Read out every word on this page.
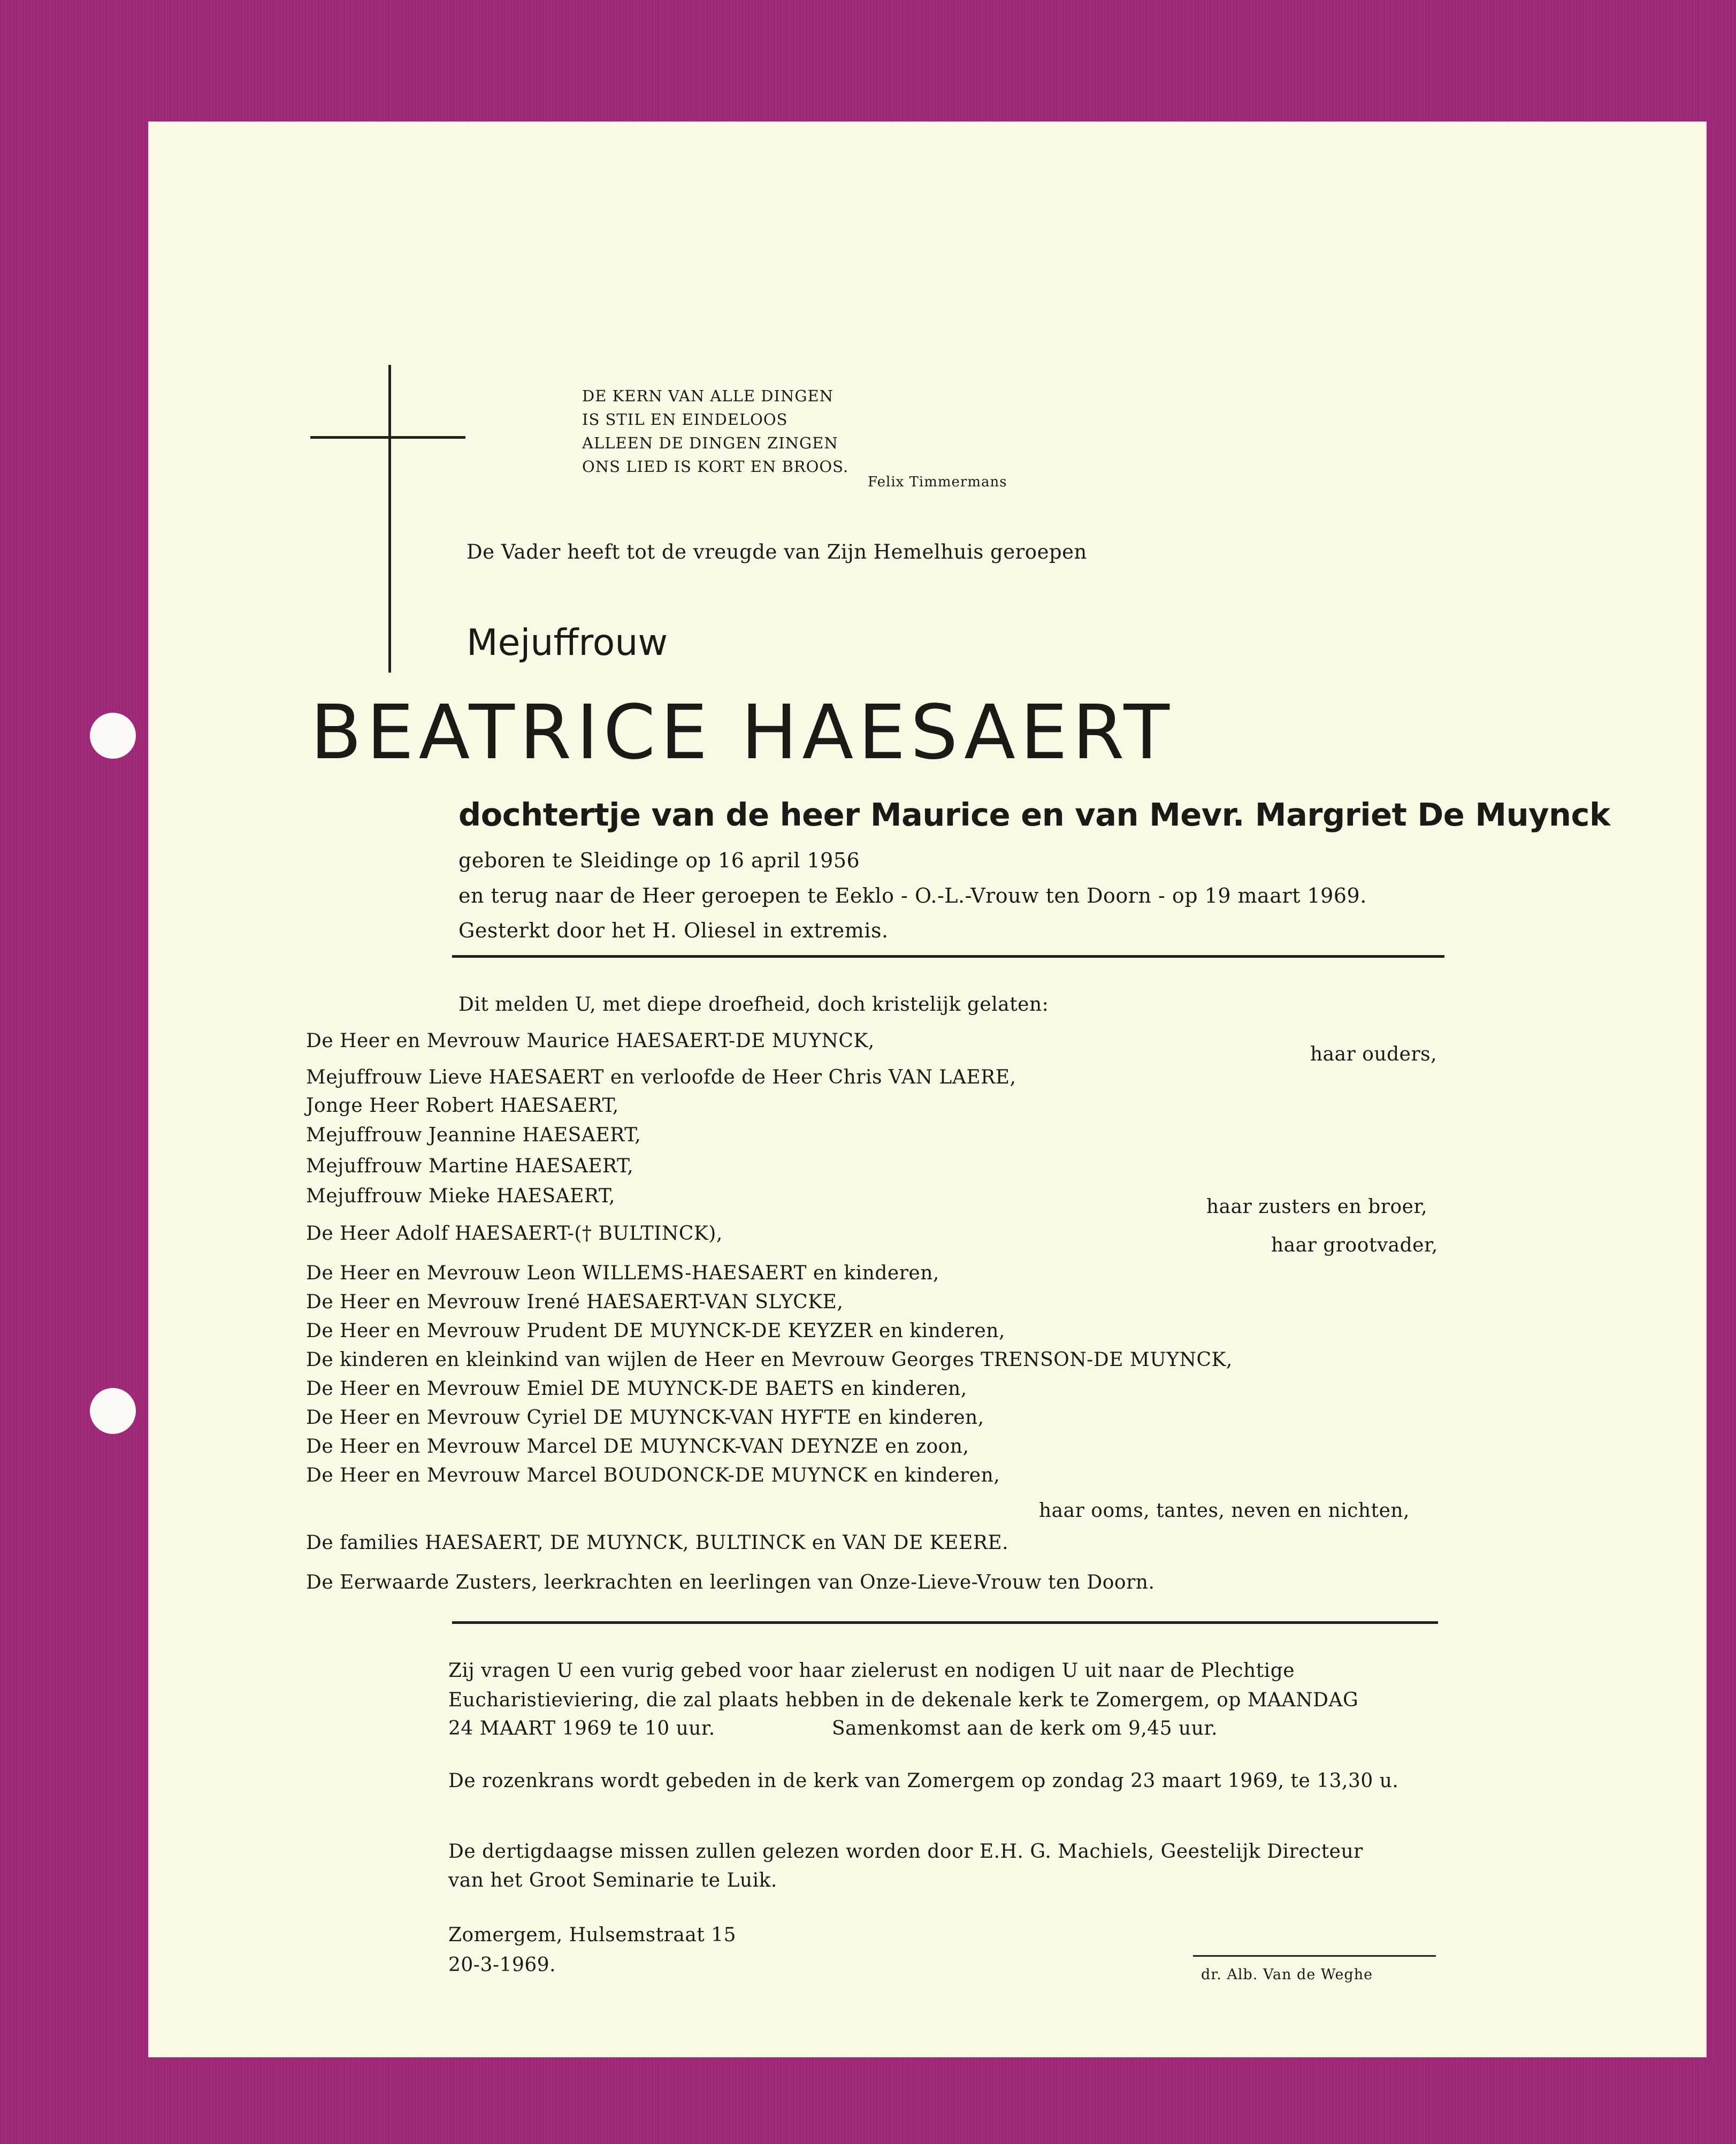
DE KERN VAN ALLE DINGEN
IS STIL EN EINDELOOS
ALLEEN DE DINGEN ZINGEN
ONS LIED IS KORT EN BROOS.
Felix Timmermans
De Vader heeft tot de vreugde van Zijn Hemelhuis geroepen
Mejuffrouw
BEATRICE HAESAERT
dochtertje van de heer Maurice en van Mevr. Margriet De Muynck
geboren te Sleidinge op 16 april 1956
en terug naar de Heer geroepen te Eeklo - O.-L.-Vrouw ten Doorn - op 19 maart 1969.
Gesterkt door het H. Oliesel in extremis.
Dit melden U, met diepe droefheid, doch kristelijk gelaten:
De Heer en Mevrouw Maurice HAESAERT-DE MUYNCK,
haar ouders,
Mejuffrouw Lieve HAESAERT en verloofde de Heer Chris VAN LAERE,
Jonge Heer Robert HAESAERT,
Mejuffrouw Jeannine HAESAERT,
Mejuffrouw Martine HAESAERT,
Mejuffrouw Mieke HAESAERT,	haar zusters en broer,
De Heer Adolf HAESAERT-(† BULTINCK),
haar grootvader,
De Heer en Mevrouw Leon WILLEMS-HAESAERT en kinderen,
De Heer en Mevrouw Irené HAESAERT-VAN SLYCKE,
De Heer en Mevrouw Prudent DE MUYNCK-DE KEYZER en kinderen,
De kinderen en kleinkind van wijlen de Heer en Mevrouw Georges TRENSON-DE MUYNCK,
De Heer en Mevrouw Emiel DE MUYNCK-DE BAETS en kinderen,
De Heer en Mevrouw Cyriel DE MUYNCK-VAN HYFTE en kinderen,
De Heer en Mevrouw Marcel DE MUYNCK-VAN DEYNZE en zoon,
De Heer en Mevrouw Marcel BOUDONCK-DE MUYNCK en kinderen,
haar ooms, tantes, neven en nichten,
De families HAESAERT, DE MUYNCK, BULTINCK en VAN DE KEERE.
De Eerwaarde Zusters, leerkrachten en leerlingen van Onze-Lieve-Vrouw ten Doorn.
Zij vragen U een vurig gebed voor haar zielerust en nodigen U uit naar de Plechtige
Eucharistieviering, die zal plaats hebben in de dekenale kerk te Zomergem, op MAANDAG
24 MAART 1969 te 10 uur.	Samenkomst aan de kerk om 9,45 uur.
De rozenkrans wordt gebeden in de kerk van Zomergem op zondag 23 maart 1969, te 13,30 u.
De dertigdaagse missen zullen gelezen worden door E.H. G. Machiels, Geestelijk Directeur
van het Groot Seminarie te Luik.
Zomergem, Hulsemstraat 15
20-3-1969.	dr. Alb. Van de Weghe
